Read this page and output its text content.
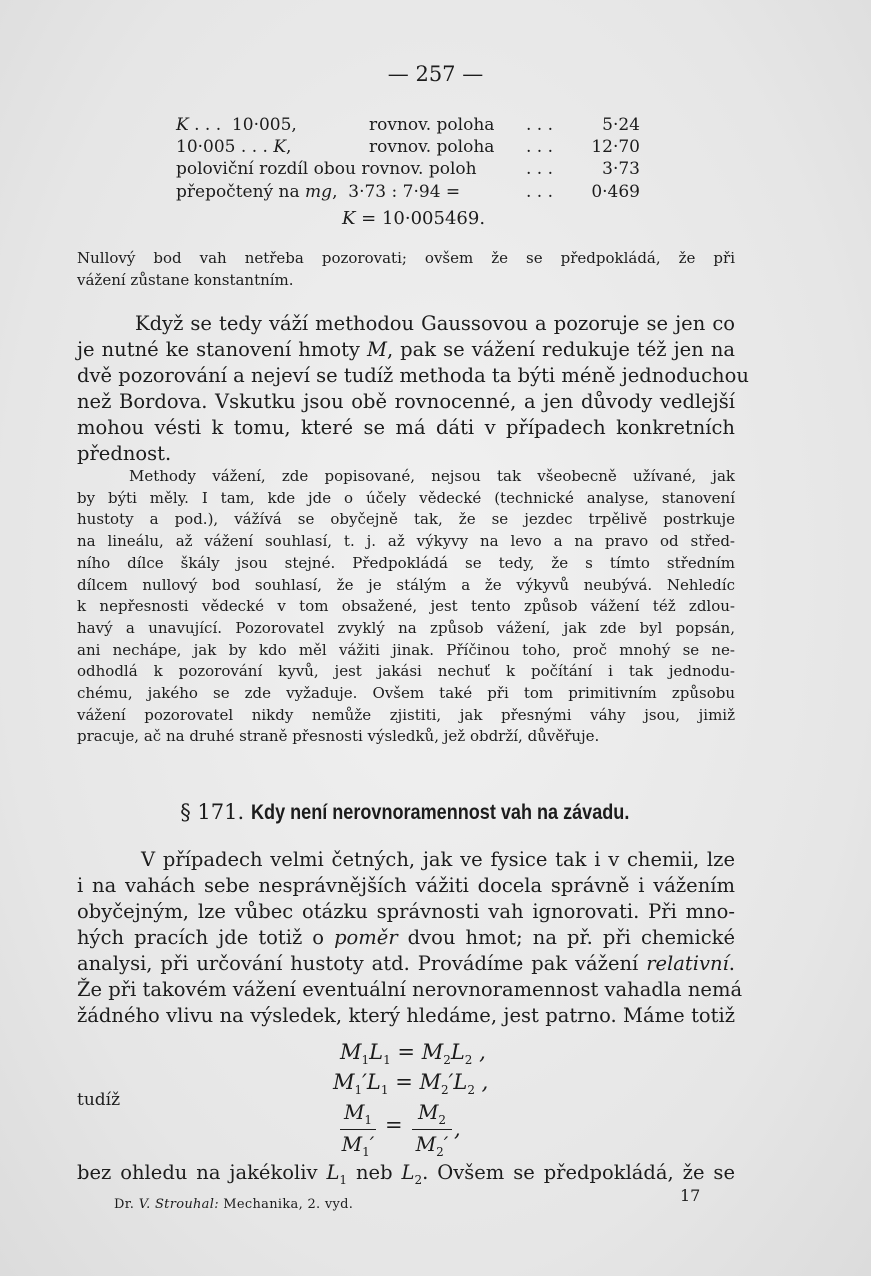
— 257 —
K . . .  10·005,	rovnov. poloha . . .	5·24
10·005 . . . K,	rovnov. poloha . . .	12·70
poloviční rozdíl obou rovnov. poloh	. . .	3·73
přepočtený na mg,  3·73 : 7·94 =	. . .	0·469
K = 10·005469.
Nullový bod vah netřeba pozorovati; ovšem že se předpokládá, že při
vážení zůstane konstantním.
Když se tedy váží methodou Gaussovou a pozoruje se jen co
je nutné ke stanovení hmoty M, pak se vážení redukuje též jen na
dvě pozorování a nejeví se tudíž methoda ta býti méně jednoduchou
než Bordova. Vskutku jsou obě rovnocenné, a jen důvody vedlejší
mohou vésti k tomu, které se má dáti v případech konkretních
přednost.
Methody vážení, zde popisované, nejsou tak všeobecně užívané, jak
by býti měly. I tam, kde jde o účely vědecké (technické analyse, stanovení
hustoty a pod.), vážívá se obyčejně tak, že se jezdec trpělivě postrkuje
na lineálu, až vážení souhlasí, t. j. až výkyvy na levo a na pravo od střed-
ního dílce škály jsou stejné. Předpokládá se tedy, že s tímto středním
dílcem nullový bod souhlasí, že je stálým a že výkyvů neubývá. Nehledíc
k nepřesnosti vědecké v tom obsažené, jest tento způsob vážení též zdlou-
havý a unavující. Pozorovatel zvyklý na způsob vážení, jak zde byl popsán,
ani nechápe, jak by kdo měl vážiti jinak. Příčinou toho, proč mnohý se ne-
odhodlá k pozorování kyvů, jest jakási nechuť k počítání i tak jednodu-
chému, jakého se zde vyžaduje. Ovšem také při tom primitivním způsobu
vážení pozorovatel nikdy nemůže zjistiti, jak přesnými váhy jsou, jimiž
pracuje, ač na druhé straně přesnosti výsledků, jež obdrží, důvěřuje.
§ 171. Kdy není nerovnoramennost vah na závadu.
V případech velmi četných, jak ve fysice tak i v chemii, lze
i na vahách sebe nesprávnějších vážiti docela správně i vážením
obyčejným, lze vůbec otázku správnosti vah ignorovati. Při mno-
hých pracích jde totiž o poměr dvou hmot; na př. při chemické
analysi, při určování hustoty atd. Provádíme pak vážení relativní.
Že při takovém vážení eventuální nerovnoramennost vahadla nemá
žádného vlivu na výsledek, který hledáme, jest patrno. Máme totiž
$M_1L_1 = M_2L_2$ ,
$M_1'L_1 = M_2'L_2$ ,
tudíž	$M_1$
$M_1'$
=
$M_2$
$M_2'$
,
bez ohledu na jakékoliv $L_1$ neb $L_2$. Ovšem se předpokládá, že se
Dr. V. Strouhal: Mechanika, 2. vyd.	17
